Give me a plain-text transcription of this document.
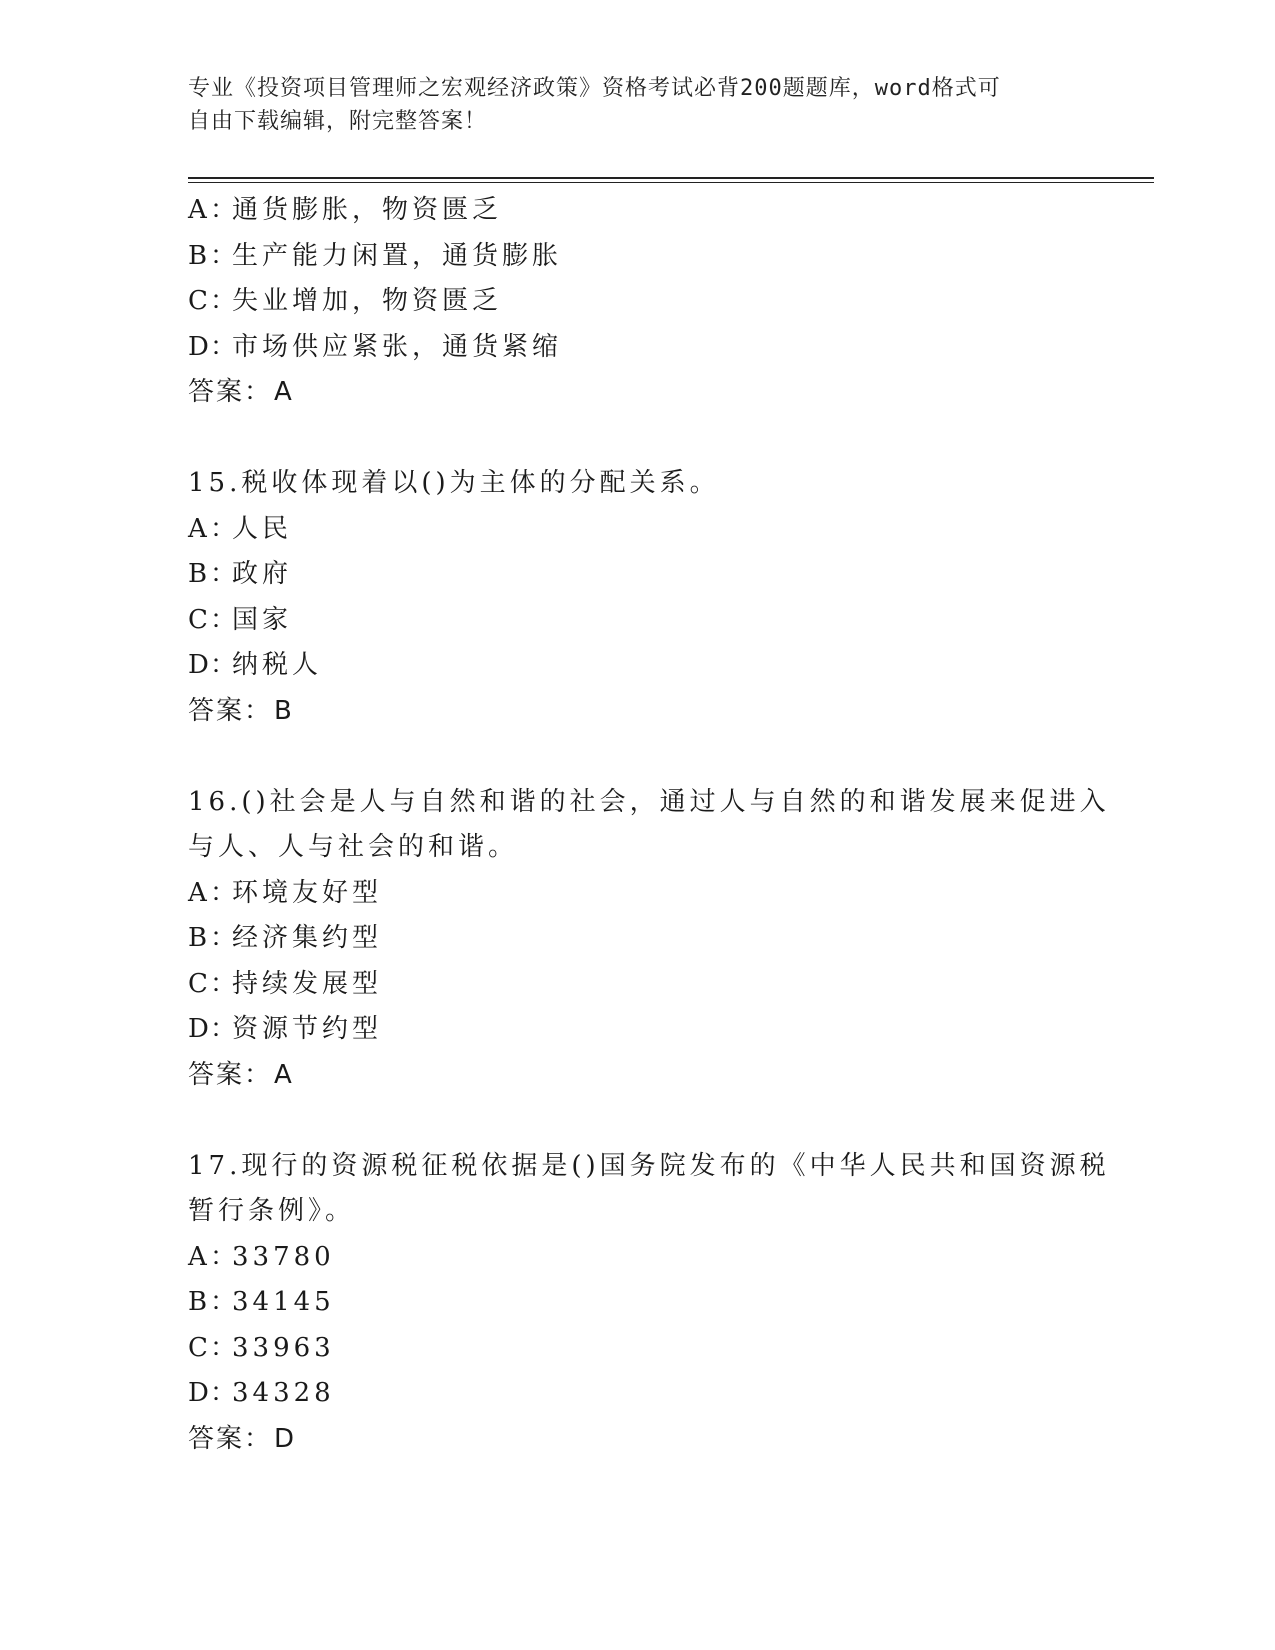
专业《投资项目管理师之宏观经济政策》资格考试必背200题题库，word格式可
自由下载编辑，附完整答案！
A：通货膨胀，物资匮乏
B：生产能力闲置，通货膨胀
C：失业增加，物资匮乏
D：市场供应紧张，通货紧缩
答案：A
15.税收体现着以()为主体的分配关系。
A：人民
B：政府
C：国家
D：纳税人
答案：B
16.()社会是人与自然和谐的社会，通过人与自然的和谐发展来促进入
与人、人与社会的和谐。
A：环境友好型
B：经济集约型
C：持续发展型
D：资源节约型
答案：A
17.现行的资源税征税依据是()国务院发布的《中华人民共和国资源税
暂行条例》。
A：33780
B：34145
C：33963
D：34328
答案：D
